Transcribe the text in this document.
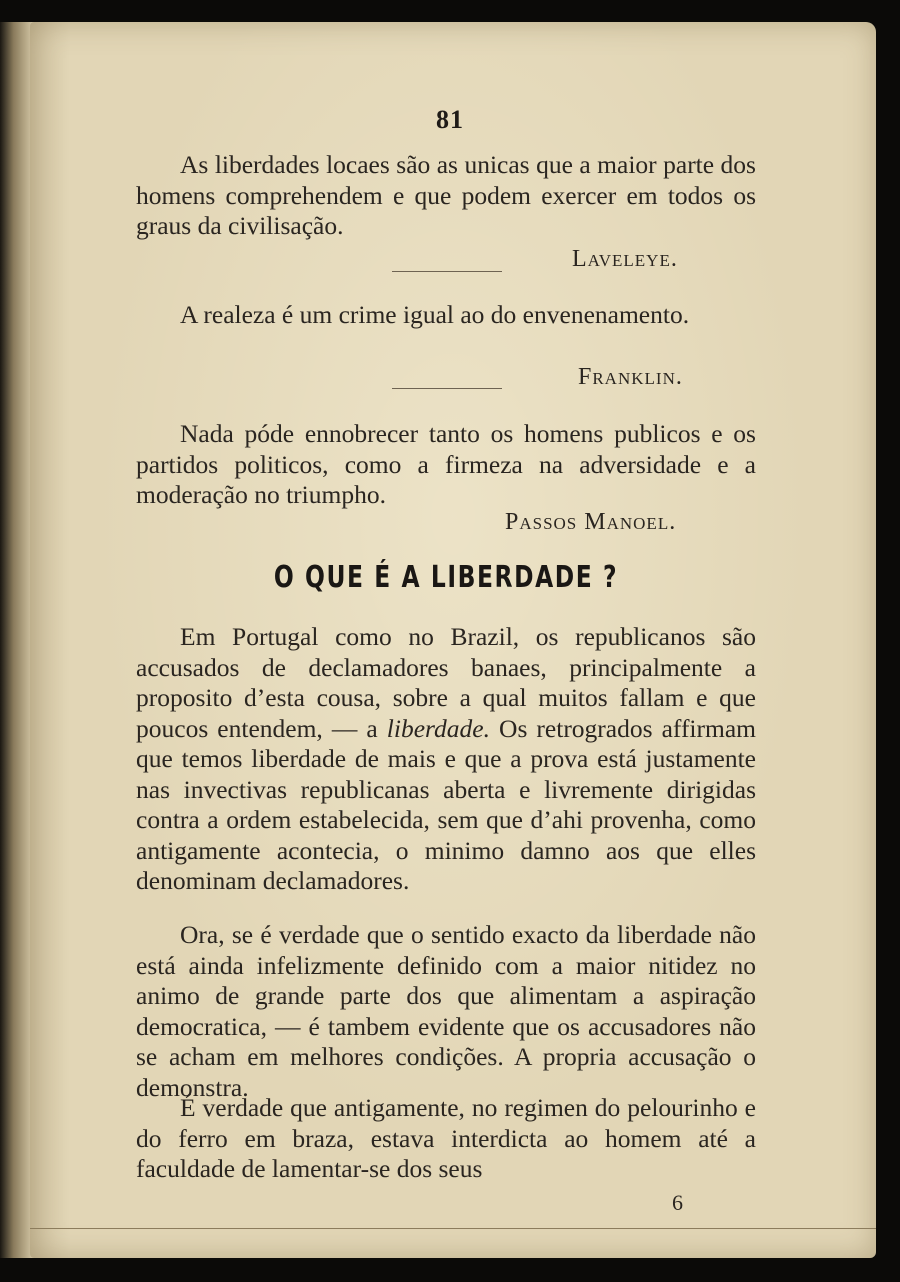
81

As liberdades locaes são as unicas que a maior parte dos homens comprehendem e que podem exercer em todos os graus da civilisação.

Laveleye.

A realeza é um crime igual ao do envenenamento.

Franklin.

Nada póde ennobrecer tanto os homens publicos e os partidos politicos, como a firmeza na adversidade e a moderação no triumpho.

Passos Manoel.
O QUE É A LIBERDADE ?

Em Portugal como no Brazil, os republicanos são accusados de declamadores banaes, principalmente a proposito d’esta cousa, sobre a qual muitos fallam e que poucos entendem, — a liberdade. Os retrogrados affirmam que temos liberdade de mais e que a prova está justamente nas invectivas republicanas aberta e livremente dirigidas contra a ordem estabelecida, sem que d’ahi provenha, como antigamente acontecia, o minimo damno aos que elles denominam declamadores.

Ora, se é verdade que o sentido exacto da liberdade não está ainda infelizmente definido com a maior nitidez no animo de grande parte dos que alimentam a aspiração democratica, — é tambem evidente que os accusadores não se acham em melhores condições. A propria accusação o demonstra.

É verdade que antigamente, no regimen do pelourinho e do ferro em braza, estava interdicta ao homem até a faculdade de lamentar-se dos seus

6
